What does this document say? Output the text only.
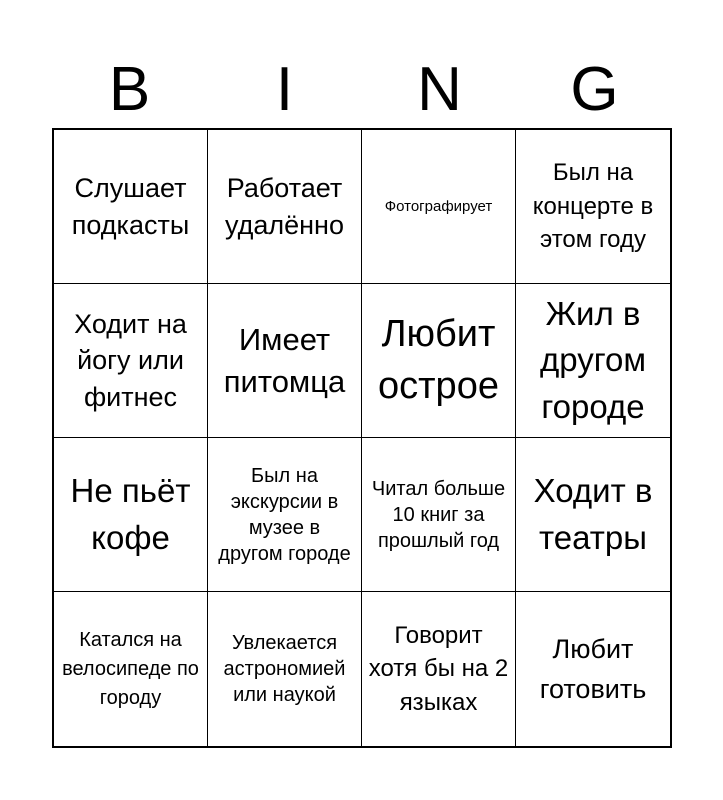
B	I	N	G
Слушает подкасты
Работает удалённо
Фотографирует
Был на концерте в этом году
Ходит на йогу или фитнес
Имеет питомца
Любит острое
Жил в другом городе
Не пьёт кофе
Был на экскурсии в музее в другом городе
Читал больше 10 книг за прошлый год
Ходит в театры
Катался на велосипеде по городу
Увлекается астрономией или наукой
Говорит хотя бы на 2 языках
Любит готовить
